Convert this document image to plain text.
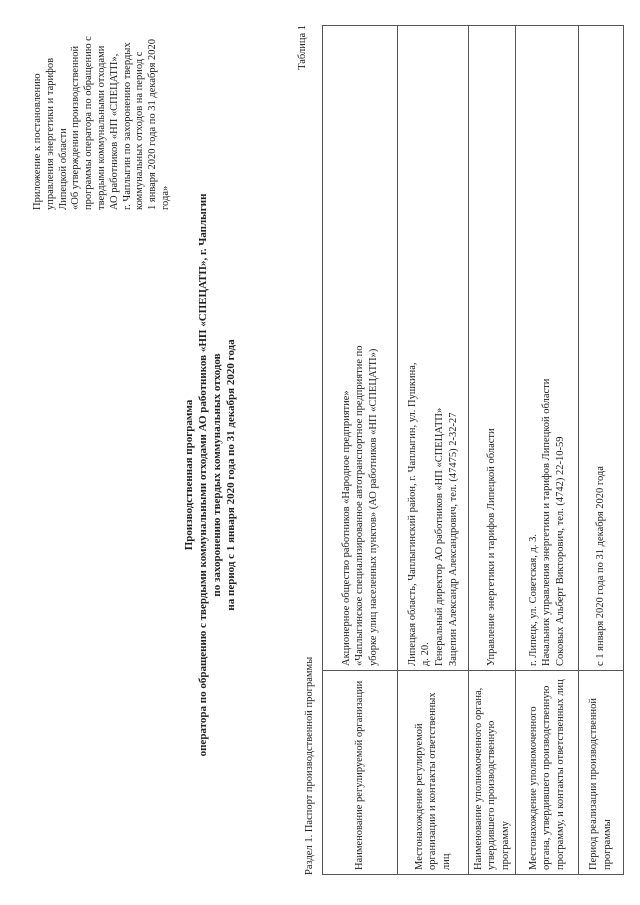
Приложение к постановлению управления энергетики и тарифов Липецкой области «Об утверждении производственной программы оператора по обращению с твердыми коммунальными отходами АО работников «НП «СПЕЦАТП», г. Чаплыгин по захоронению твердых коммунальных отходов на период с 1 января 2020 года по 31 декабря 2020 года»
Производственная программа оператора по обращению с твердыми коммунальными отходами АО работников «НП «СПЕЦАТП», г. Чаплыгин по захоронению твердых коммунальных отходов на период с 1 января 2020 года по 31 декабря 2020 года
Таблица 1
Раздел 1. Паспорт производственной программы	Наименование регулируемой организации	Акционерное общество работников «Народное предприятие» «Чаплыгинское специализированное автотранспортное предприятие по уборке улиц населенных пунктов» (АО работников «НП «СПЕЦАТП»)

Местонахождение регулируемой организации и контакты ответственных лиц	Липецкая область, Чаплыгинский район, г. Чаплыгин, ул. Пушкина, д. 20. Генеральный директор АО работников «НП «СПЕЦАТП» Зацепин Александр Александрович, тел. (47475) 2-32-27

Наименование уполномоченного органа, утвердившего производственную программу	Управление энергетики и тарифов Липецкой области

Местонахождение уполномоченного органа, утвердившего производственную программу, и контакты ответственных лиц	г. Липецк, ул. Советская, д. 3. Начальник управления энергетики и тарифов Липецкой области Соковых Альберт Викторович, тел. (4742) 22-10-59

Период реализации производственной программы	с 1 января 2020 года по 31 декабря 2020 года
